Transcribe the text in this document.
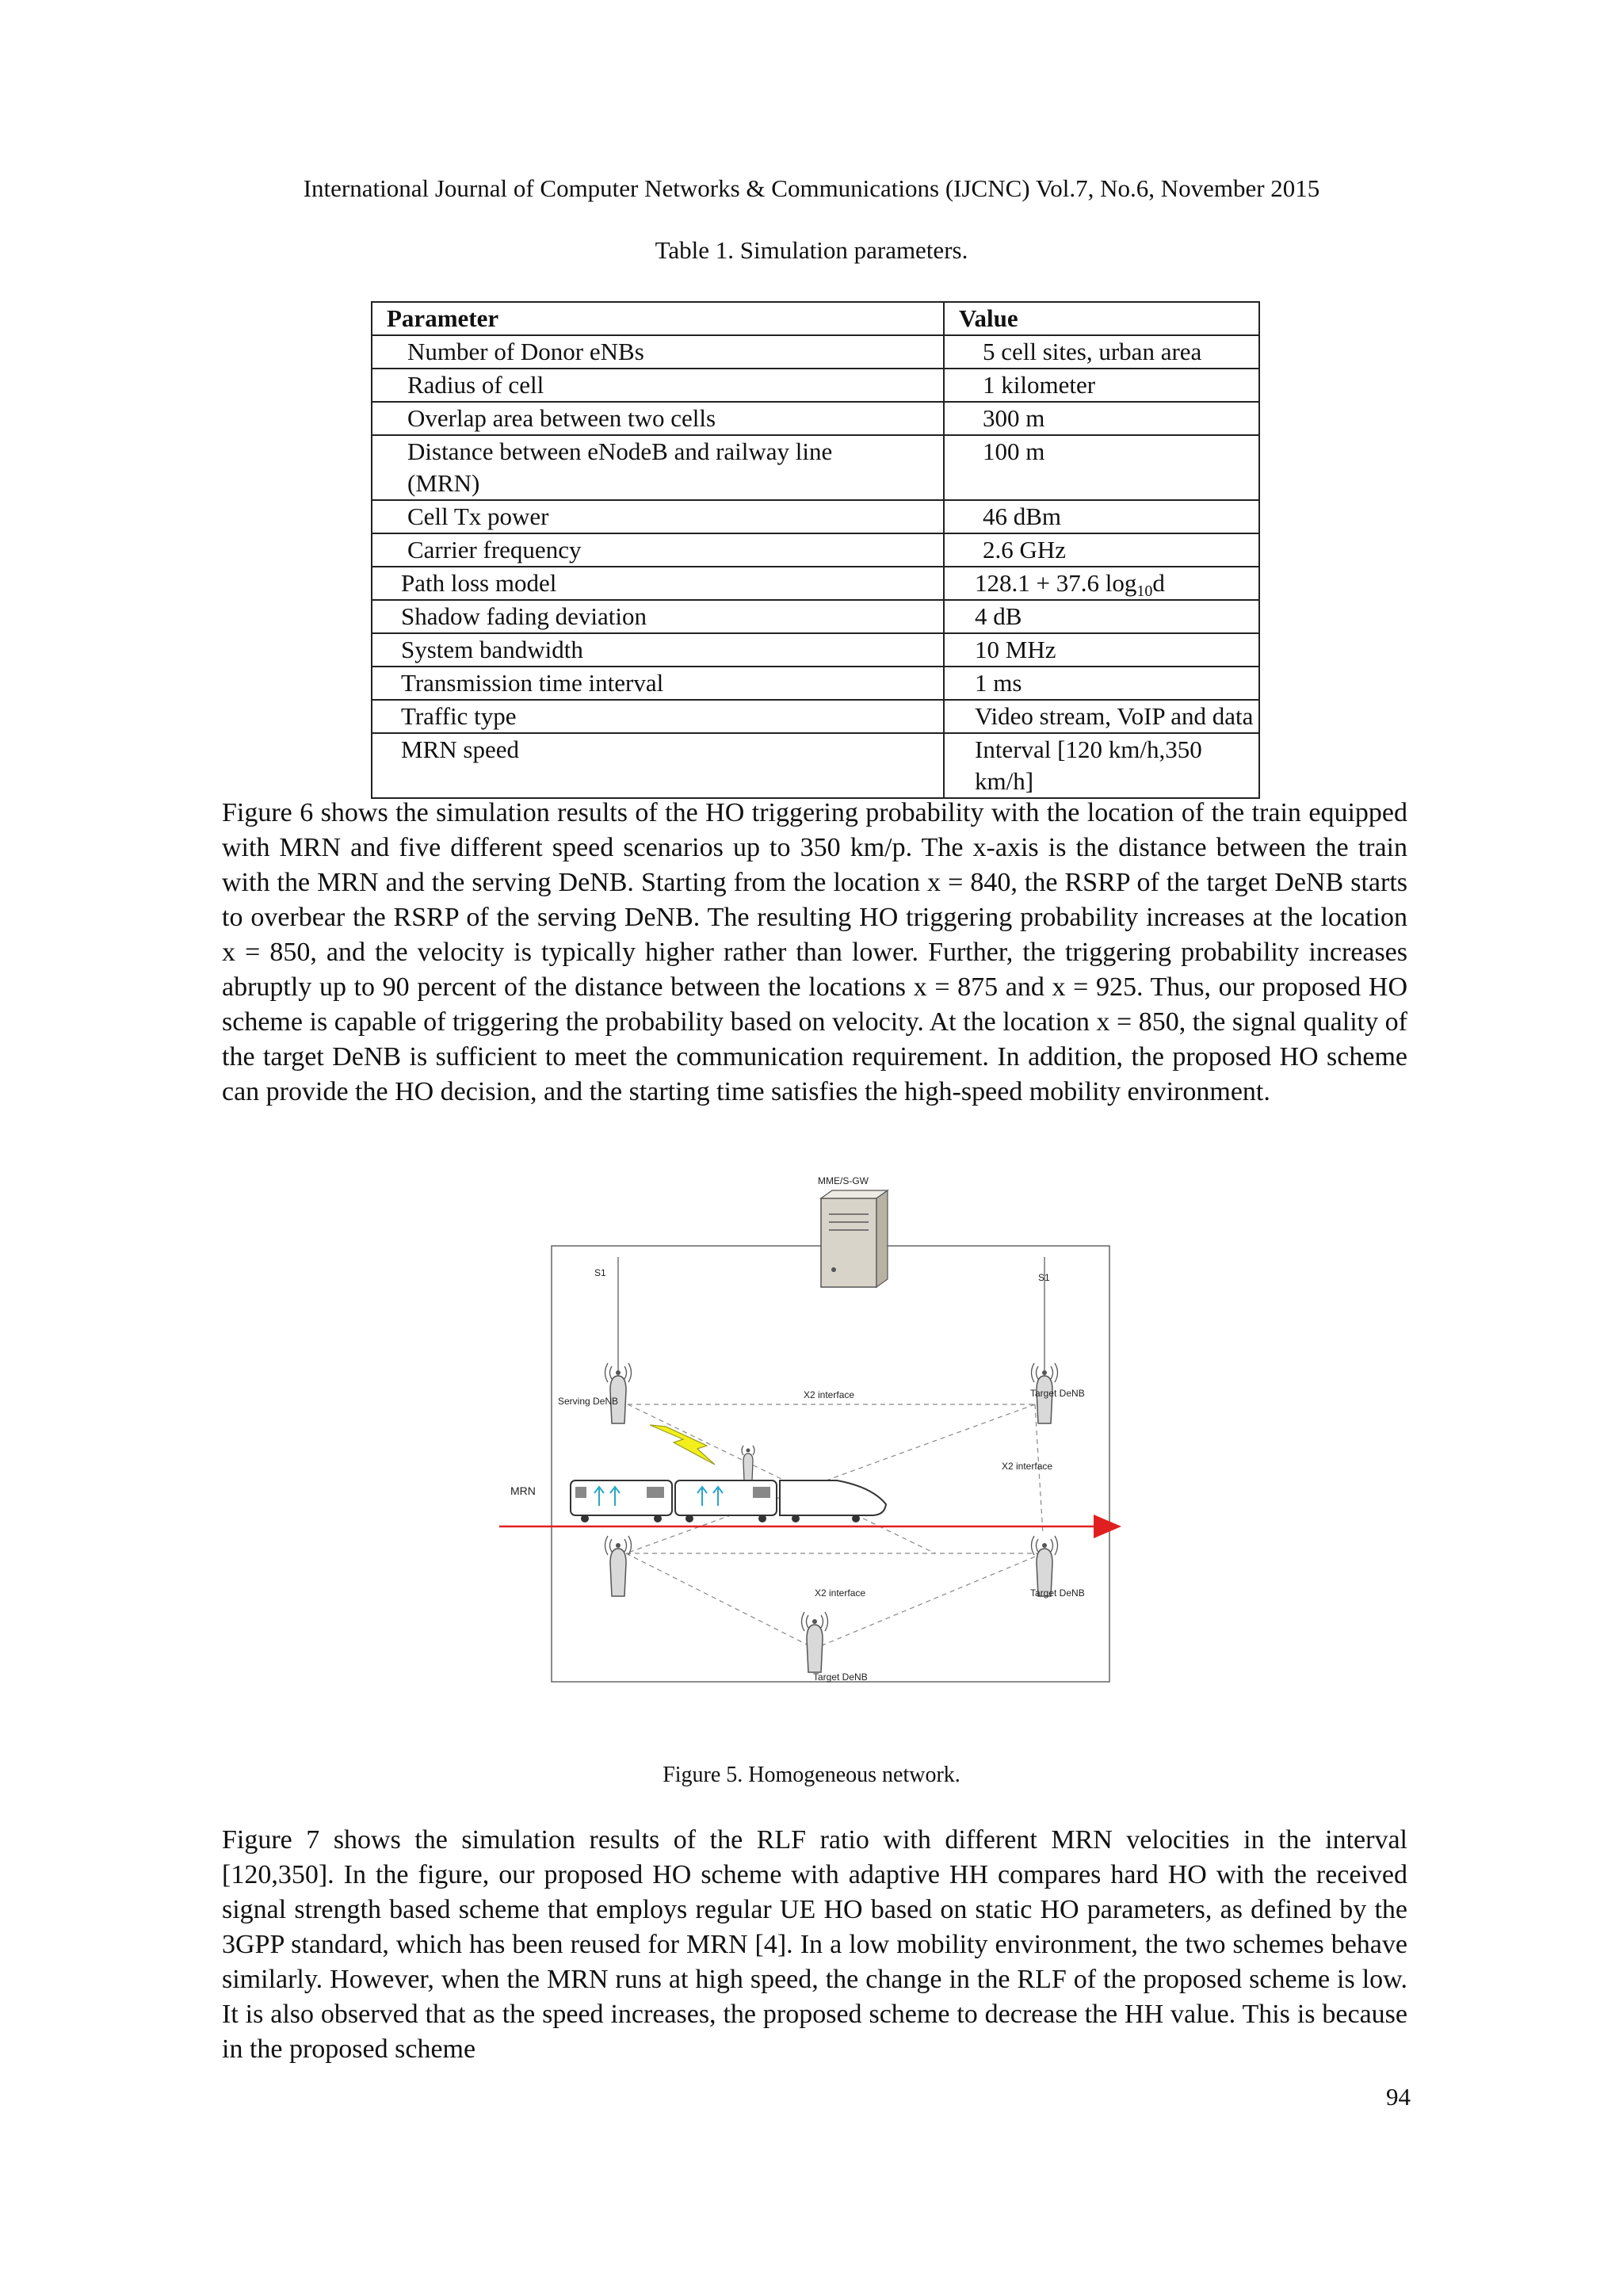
International Journal of Computer Networks & Communications (IJCNC) Vol.7, No.6, November 2015
Table 1. Simulation parameters.
Parameter	Value
Number of Donor eNBs	5 cell sites, urban area
Radius of cell	1 kilometer
Overlap area between two cells	300 m
Distance between eNodeB and railway line (MRN)	100 m
Cell Tx power	46 dBm
Carrier frequency	2.6 GHz
Path loss model	128.1 + 37.6 $\log_{10}d$
Shadow fading deviation	4 dB
System bandwidth	10 MHz
Transmission time interval	1 ms
Traffic type	Video stream, VoIP and data
MRN speed	Interval [120 km/h,350 km/h]

Figure 6 shows the simulation results of the HO triggering probability with the location of the train equipped with MRN and five different speed scenarios up to 350 km/p. The x-axis is the distance between the train with the MRN and the serving DeNB. Starting from the location x = 840, the RSRP of the target DeNB starts to overbear the RSRP of the serving DeNB. The resulting HO triggering probability increases at the location x = 850, and the velocity is typically higher rather than lower. Further, the triggering probability increases abruptly up to 90 percent of the distance between the locations x = 875 and x = 925. Thus, our proposed HO scheme is capable of triggering the probability based on velocity. At the location x = 850, the signal quality of the target DeNB is sufficient to meet the communication requirement. In addition, the proposed HO scheme can provide the HO decision, and the starting time satisfies the high-speed mobility environment.

MME/S-GW
S1	S1
X2 interface
X2 interface
X2 interface
Serving DeNB
Target DeNB
Target DeNB
Target DeNB
MRN
Figure 5. Homogeneous network.

Figure 7 shows the simulation results of the RLF ratio with different MRN velocities in the interval [120,350]. In the figure, our proposed HO scheme with adaptive HH compares hard HO with the received signal strength based scheme that employs regular UE HO based on static HO parameters, as defined by the 3GPP standard, which has been reused for MRN [4]. In a low mobility environment, the two schemes behave similarly. However, when the MRN runs at high speed, the change in the RLF of the proposed scheme is low. It is also observed that as the speed increases, the proposed scheme to decrease the HH value. This is because in the proposed scheme

94
